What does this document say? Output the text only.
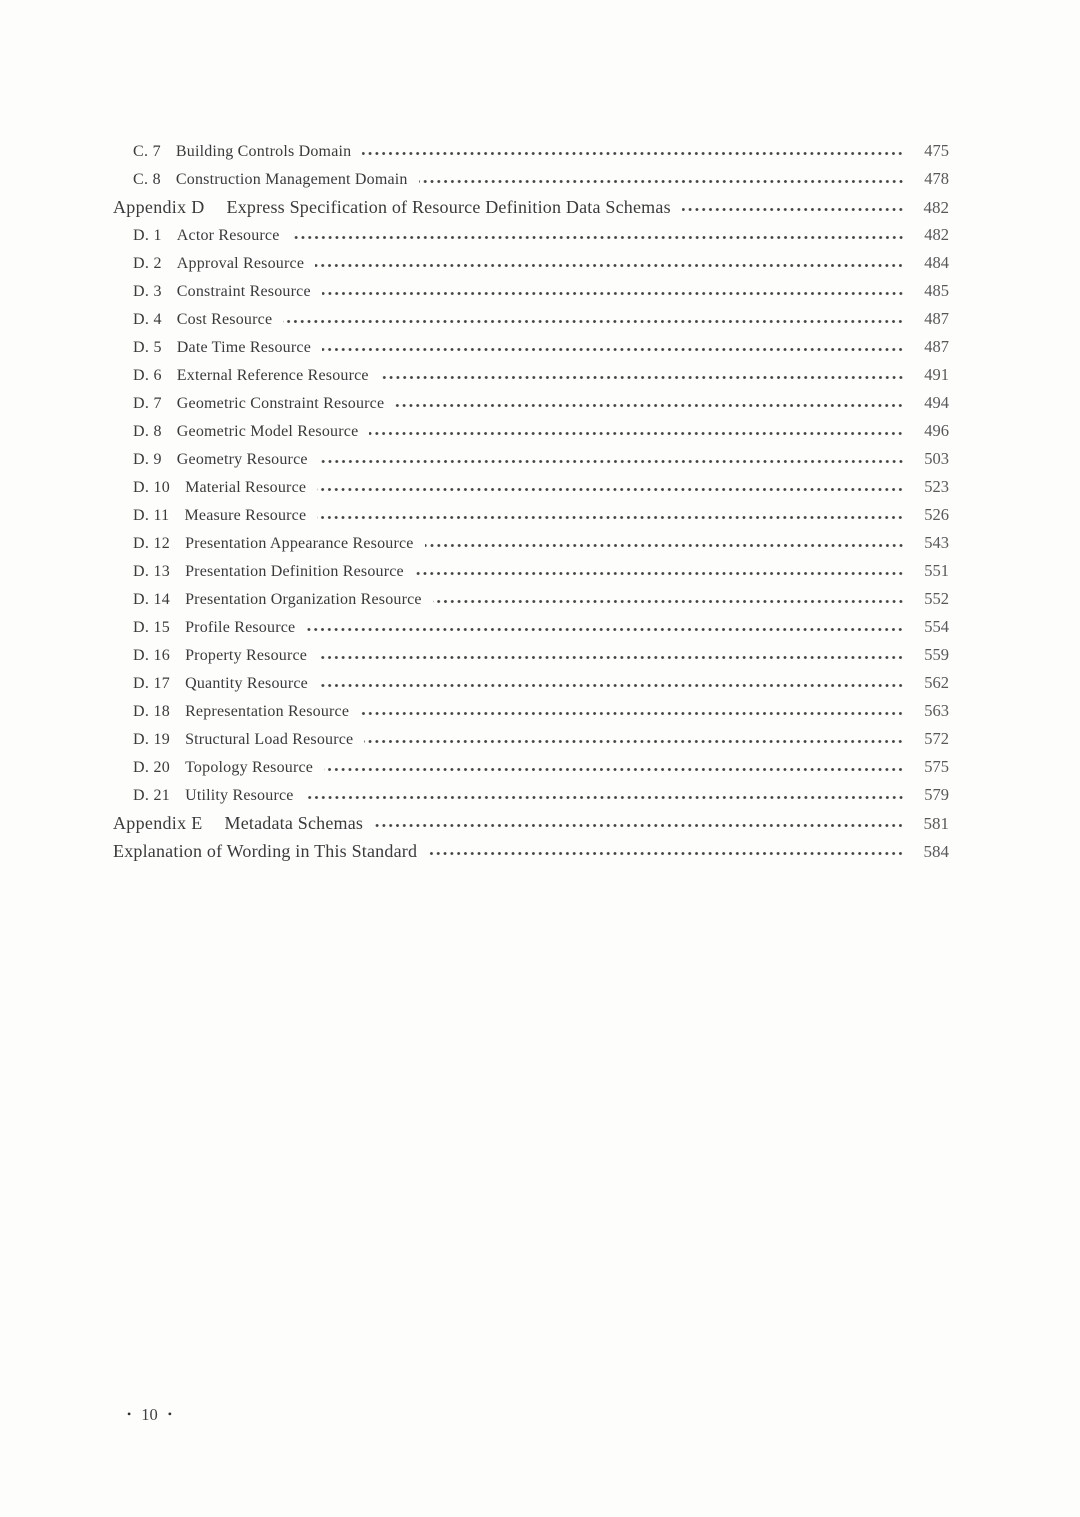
C. 7 Building Controls Domain	475
C. 8 Construction Management Domain	478
Appendix D Express Specification of Resource Definition Data Schemas	482
D. 1 Actor Resource	482
D. 2 Approval Resource	484
D. 3 Constraint Resource	485
D. 4 Cost Resource	487
D. 5 Date Time Resource	487
D. 6 External Reference Resource	491
D. 7 Geometric Constraint Resource	494
D. 8 Geometric Model Resource	496
D. 9 Geometry Resource	503
D. 10 Material Resource	523
D. 11 Measure Resource	526
D. 12 Presentation Appearance Resource	543
D. 13 Presentation Definition Resource	551
D. 14 Presentation Organization Resource	552
D. 15 Profile Resource	554
D. 16 Property Resource	559
D. 17 Quantity Resource	562
D. 18 Representation Resource	563
D. 19 Structural Load Resource	572
D. 20 Topology Resource	575
D. 21 Utility Resource	579
Appendix E Metadata Schemas	581
Explanation of Wording in This Standard	584
• 10 •
